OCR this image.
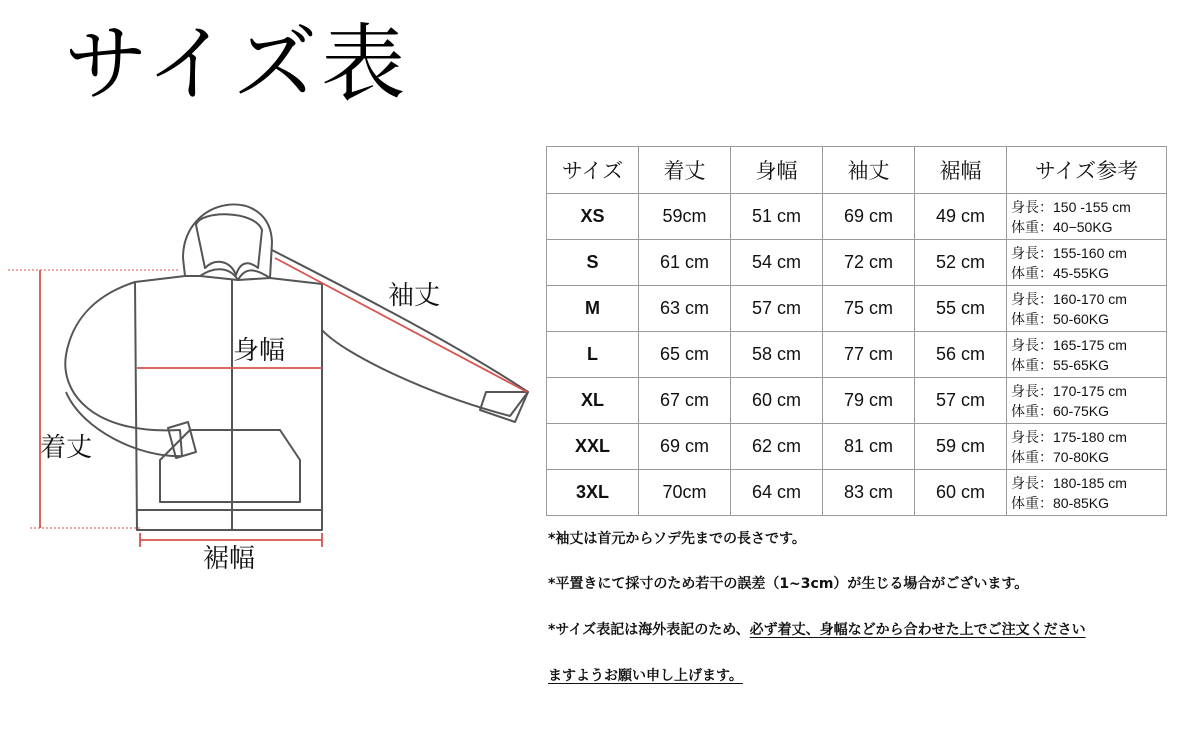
サイズ表
着丈
身幅
袖丈
裾幅
サイズ	着丈	身幅	袖丈	裾幅	サイズ参考
XS	59cm	51 cm	69 cm	49 cm	身長：150 -155 cm
体重：40−50KG

S	61 cm	54 cm	72 cm	52 cm	身長：155-160 cm
体重：45-55KG

M	63 cm	57 cm	75 cm	55 cm	身長：160-170 cm
体重：50-60KG

L	65 cm	58 cm	77 cm	56 cm	身長：165-175 cm
体重：55-65KG

XL	67 cm	60 cm	79 cm	57 cm	身長：170-175 cm
体重：60-75KG

XXL	69 cm	62 cm	81 cm	59 cm	身長：175-180 cm
体重：70-80KG

3XL	70cm	64 cm	83 cm	60 cm	身長：180-185 cm
体重：80-85KG
*袖丈は首元からソデ先までの長さです。
*平置きにて採寸のため若干の誤差（1~3cm）が生じる場合がございます。
*サイズ表記は海外表記のため、必ず着丈、身幅などから合わせた上でご注文ください
ますようお願い申し上げます。
